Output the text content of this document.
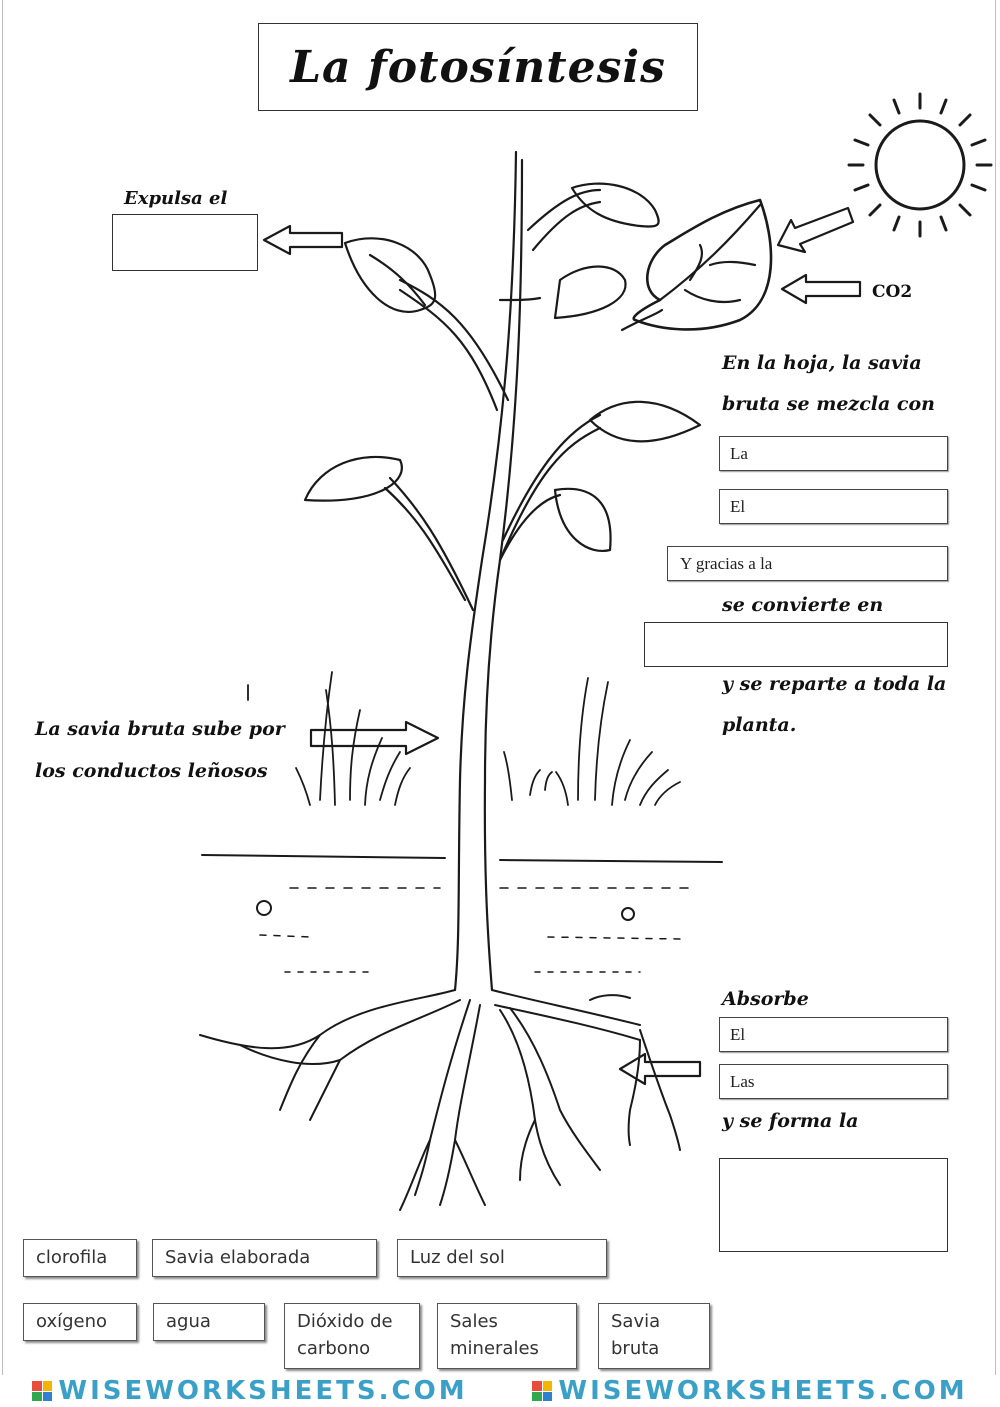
La fotosíntesis
Expulsa el
La savia bruta sube por
los conductos leñosos
CO2
En la hoja, la savia
bruta se mezcla con
La
El
Y gracias a la
se convierte en
y se reparte a toda la
planta.
Absorbe
El
Las
y se forma la
clorofila	Savia elaborada	Luz del sol
oxígeno	agua	Dióxido de
carbono
Sales
minerales
Savia
bruta
WISEWORKSHEETS.COM	WISEWORKSHEETS.COM
